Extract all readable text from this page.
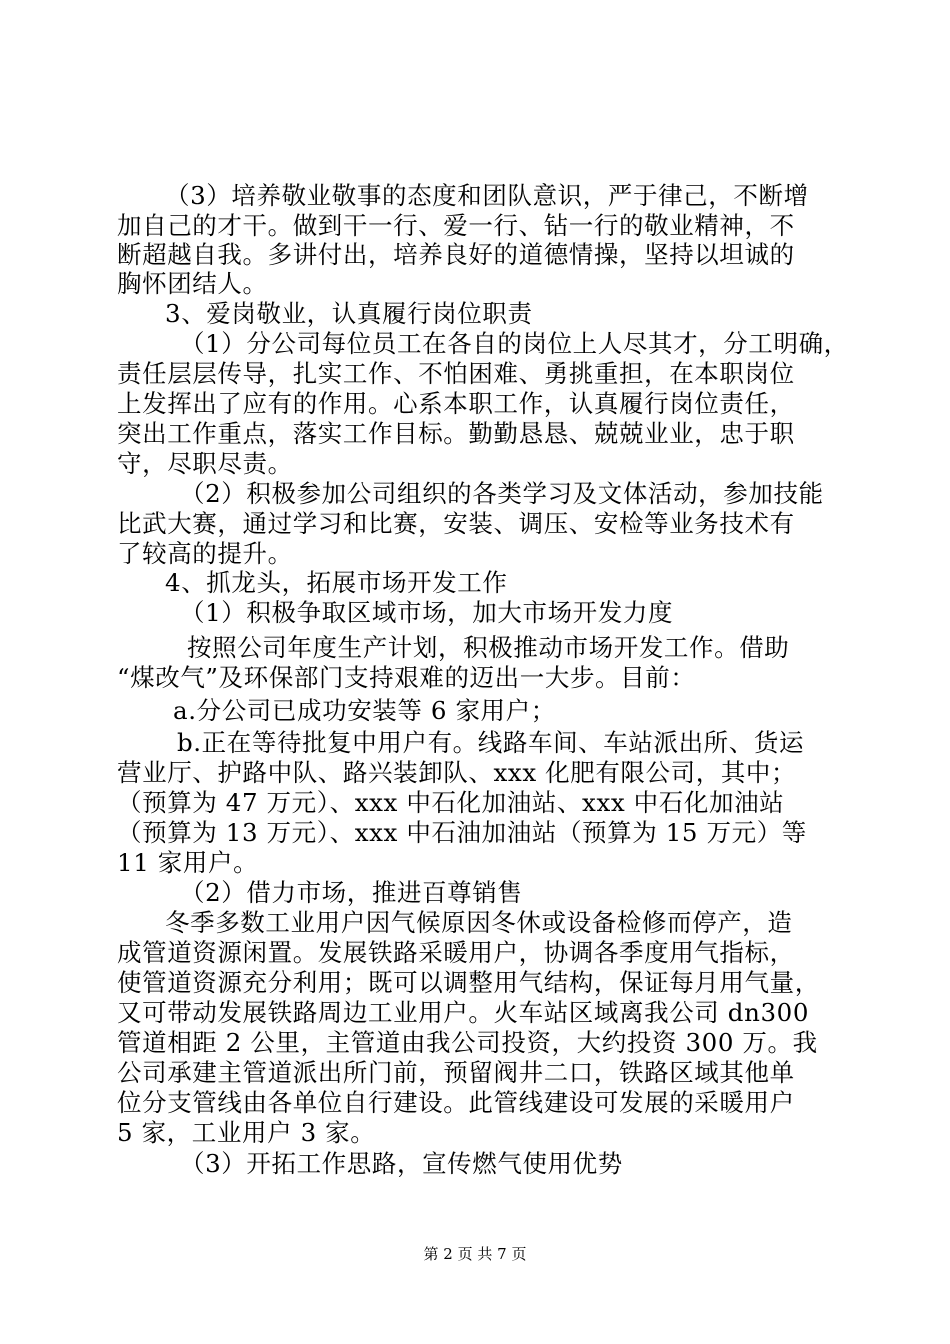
（3）培养敬业敬事的态度和团队意识，严于律己，不断增
加自己的才干。做到干一行、爱一行、钻一行的敬业精神，不
断超越自我。多讲付出，培养良好的道德情操，坚持以坦诚的
胸怀团结人。
3、爱岗敬业，认真履行岗位职责
（1）分公司每位员工在各自的岗位上人尽其才，分工明确，
责任层层传导，扎实工作、不怕困难、勇挑重担，在本职岗位
上发挥出了应有的作用。心系本职工作，认真履行岗位责任，
突出工作重点，落实工作目标。勤勤恳恳、兢兢业业，忠于职
守，尽职尽责。
（2）积极参加公司组织的各类学习及文体活动，参加技能
比武大赛，通过学习和比赛，安装、调压、安检等业务技术有
了较高的提升。
4、抓龙头，拓展市场开发工作
（1）积极争取区域市场，加大市场开发力度
按照公司年度生产计划，积极推动市场开发工作。借助
“煤改气”及环保部门支持艰难的迈出一大步。目前：
a.分公司已成功安装等 6 家用户；
b.正在等待批复中用户有。线路车间、车站派出所、货运
营业厅、护路中队、路兴装卸队、xxx 化肥有限公司，其中；
（预算为 47 万元）、xxx 中石化加油站、xxx 中石化加油站
（预算为 13 万元）、xxx 中石油加油站（预算为 15 万元）等
11 家用户。
（2）借力市场，推进百尊销售
冬季多数工业用户因气候原因冬休或设备检修而停产，造
成管道资源闲置。发展铁路采暖用户，协调各季度用气指标，
使管道资源充分利用；既可以调整用气结构，保证每月用气量，
又可带动发展铁路周边工业用户。火车站区域离我公司 dn300
管道相距 2 公里，主管道由我公司投资，大约投资 300 万。我
公司承建主管道派出所门前，预留阀井二口，铁路区域其他单
位分支管线由各单位自行建设。此管线建设可发展的采暖用户
5 家，工业用户 3 家。
（3）开拓工作思路，宣传燃气使用优势
第 2 页 共 7 页
